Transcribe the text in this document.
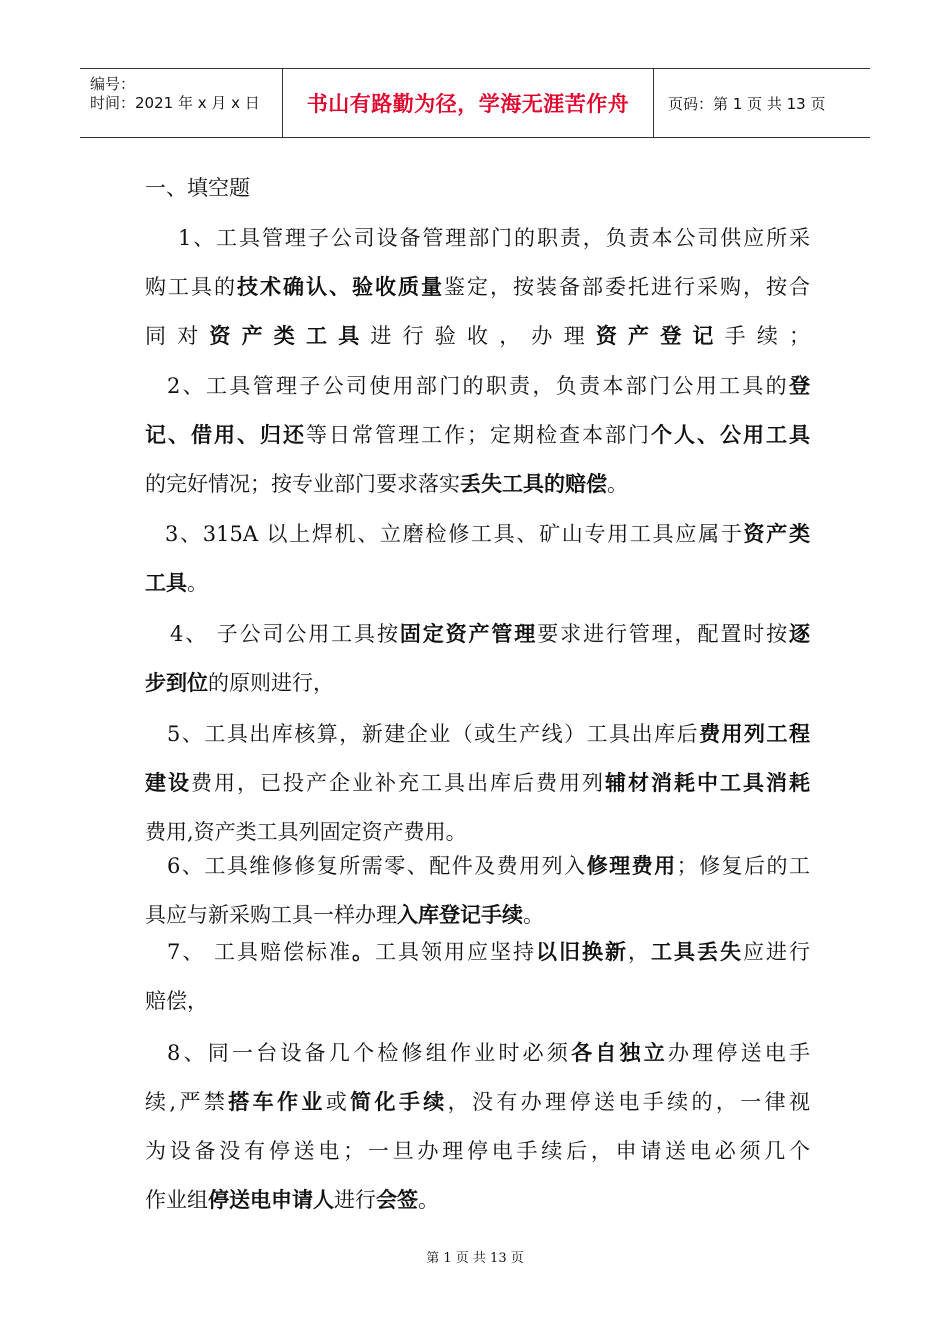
编号：
时间：2021 年 x 月 x 日	书山有路勤为径，学海无涯苦作舟	页码：第 1 页 共 13 页
一、填空题
1、工具管理子公司设备管理部门的职责，负责本公司供应所采
购工具的技术确认、验收质量鉴定，按装备部委托进行采购，按合
同对资产类工具进行验收，办理资产登记手续；
2、工具管理子公司使用部门的职责，负责本部门公用工具的登
记、借用、归还等日常管理工作；定期检查本部门个人、公用工具
的完好情况；按专业部门要求落实丢失工具的赔偿。
3、315A 以上焊机、立磨检修工具、矿山专用工具应属于资产类
工具。
4、 子公司公用工具按固定资产管理要求进行管理，配置时按逐
步到位的原则进行，
5、工具出库核算，新建企业（或生产线）工具出库后费用列工程
建设费用，已投产企业补充工具出库后费用列辅材消耗中工具消耗
费用,资产类工具列固定资产费用。
6、工具维修修复所需零、配件及费用列入修理费用；修复后的工
具应与新采购工具一样办理入库登记手续。
7、 工具赔偿标准。工具领用应坚持以旧换新，工具丢失应进行
赔偿，
8、同一台设备几个检修组作业时必须各自独立办理停送电手
续,严禁搭车作业或简化手续，没有办理停送电手续的，一律视
为设备没有停送电；一旦办理停电手续后，申请送电必须几个
作业组停送电申请人进行会签。
第 1 页 共 13 页
